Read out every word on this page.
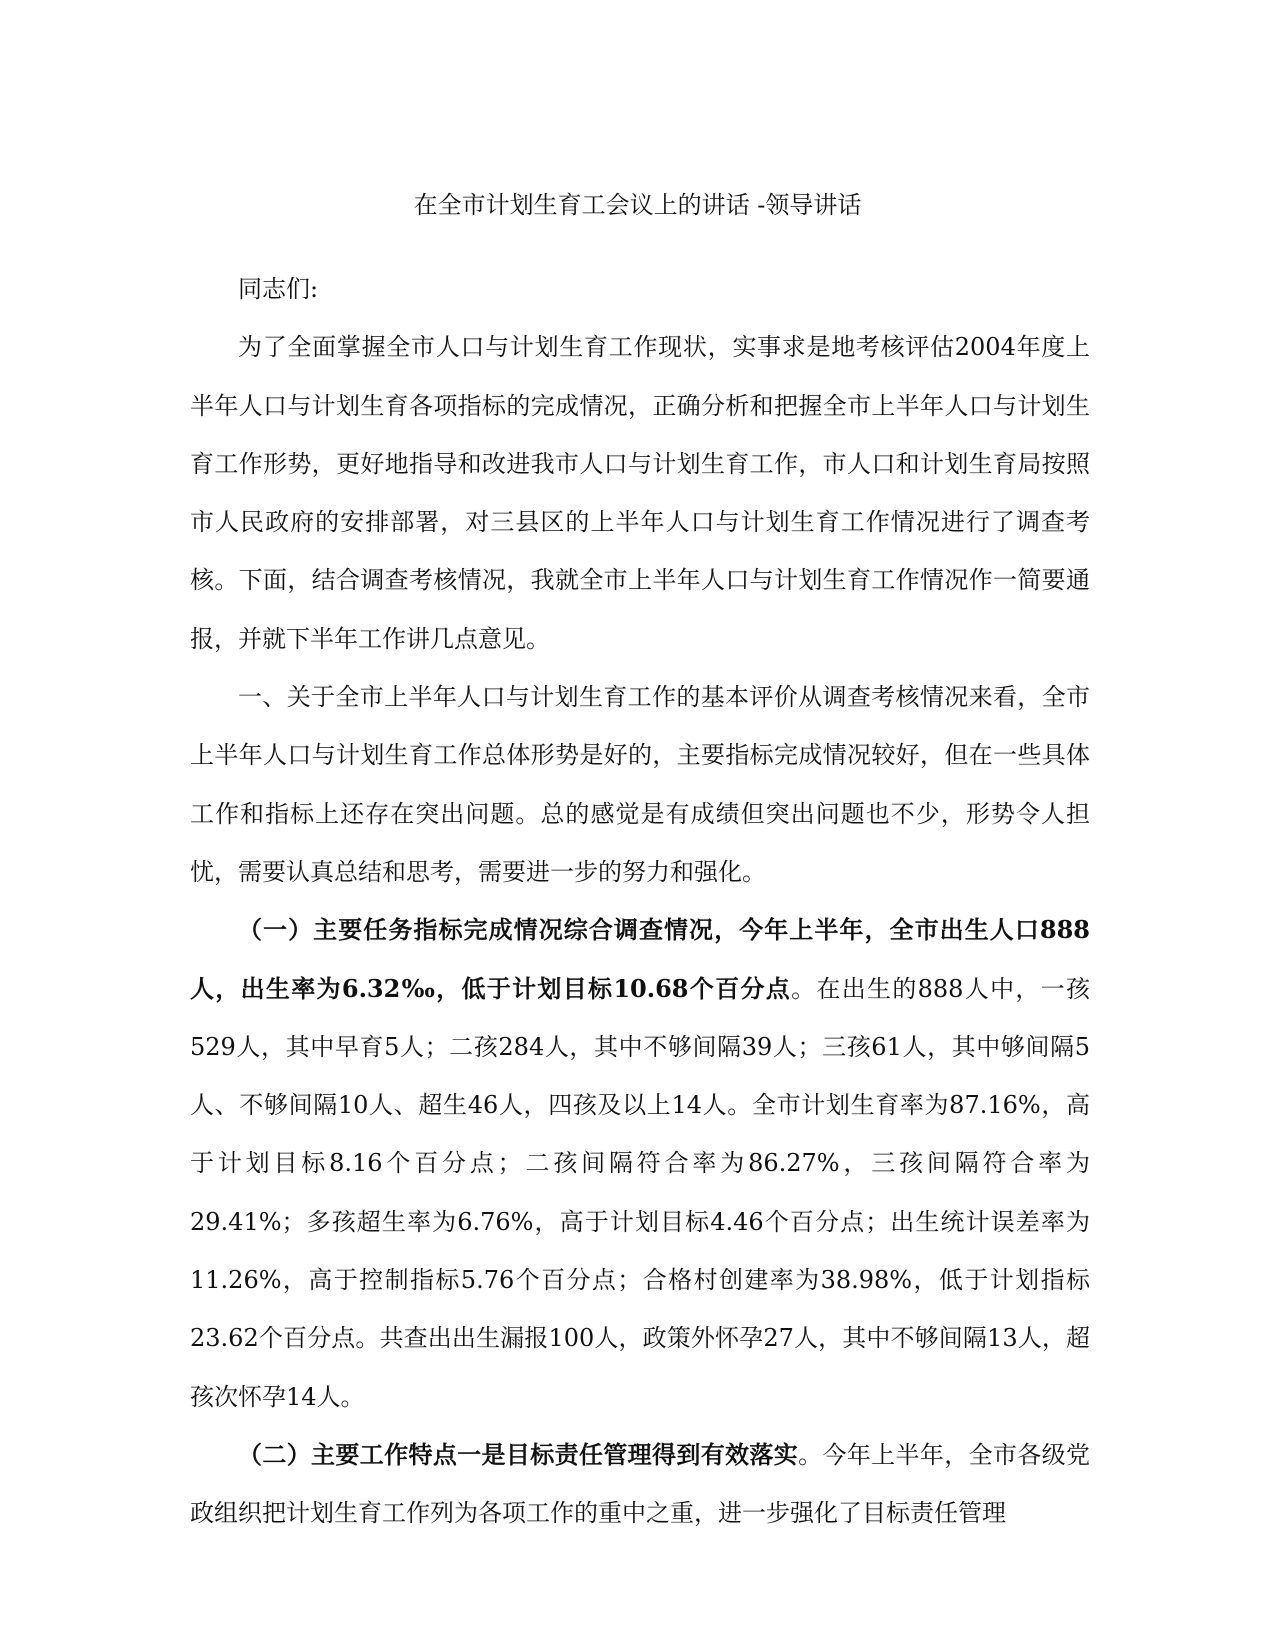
在全市计划生育工会议上的讲话 -领导讲话

同志们:

为了全面掌握全市人口与计划生育工作现状，实事求是地考核评估2004年度上半年人口与计划生育各项指标的完成情况，正确分析和把握全市上半年人口与计划生育工作形势，更好地指导和改进我市人口与计划生育工作，市人口和计划生育局按照市人民政府的安排部署，对三县区的上半年人口与计划生育工作情况进行了调查考核。下面，结合调查考核情况，我就全市上半年人口与计划生育工作情况作一简要通报，并就下半年工作讲几点意见。

一、关于全市上半年人口与计划生育工作的基本评价从调查考核情况来看，全市上半年人口与计划生育工作总体形势是好的，主要指标完成情况较好，但在一些具体工作和指标上还存在突出问题。总的感觉是有成绩但突出问题也不少，形势令人担忧，需要认真总结和思考，需要进一步的努力和强化。

（一）主要任务指标完成情况综合调查情况，今年上半年，全市出生人口888人，出生率为6.32‰，低于计划目标10.68个百分点。在出生的888人中，一孩529人，其中早育5人；二孩284人，其中不够间隔39人；三孩61人，其中够间隔5人、不够间隔10人、超生46人，四孩及以上14人。全市计划生育率为87.16%，高于计划目标8.16个百分点；二孩间隔符合率为86.27%，三孩间隔符合率为29.41%；多孩超生率为6.76%，高于计划目标4.46个百分点；出生统计误差率为11.26%，高于控制指标5.76个百分点；合格村创建率为38.98%，低于计划指标23.62个百分点。共查出出生漏报100人，政策外怀孕27人，其中不够间隔13人，超孩次怀孕14人。

（二）主要工作特点一是目标责任管理得到有效落实。今年上半年，全市各级党政组织把计划生育工作列为各项工作的重中之重，进一步强化了目标责任管理
